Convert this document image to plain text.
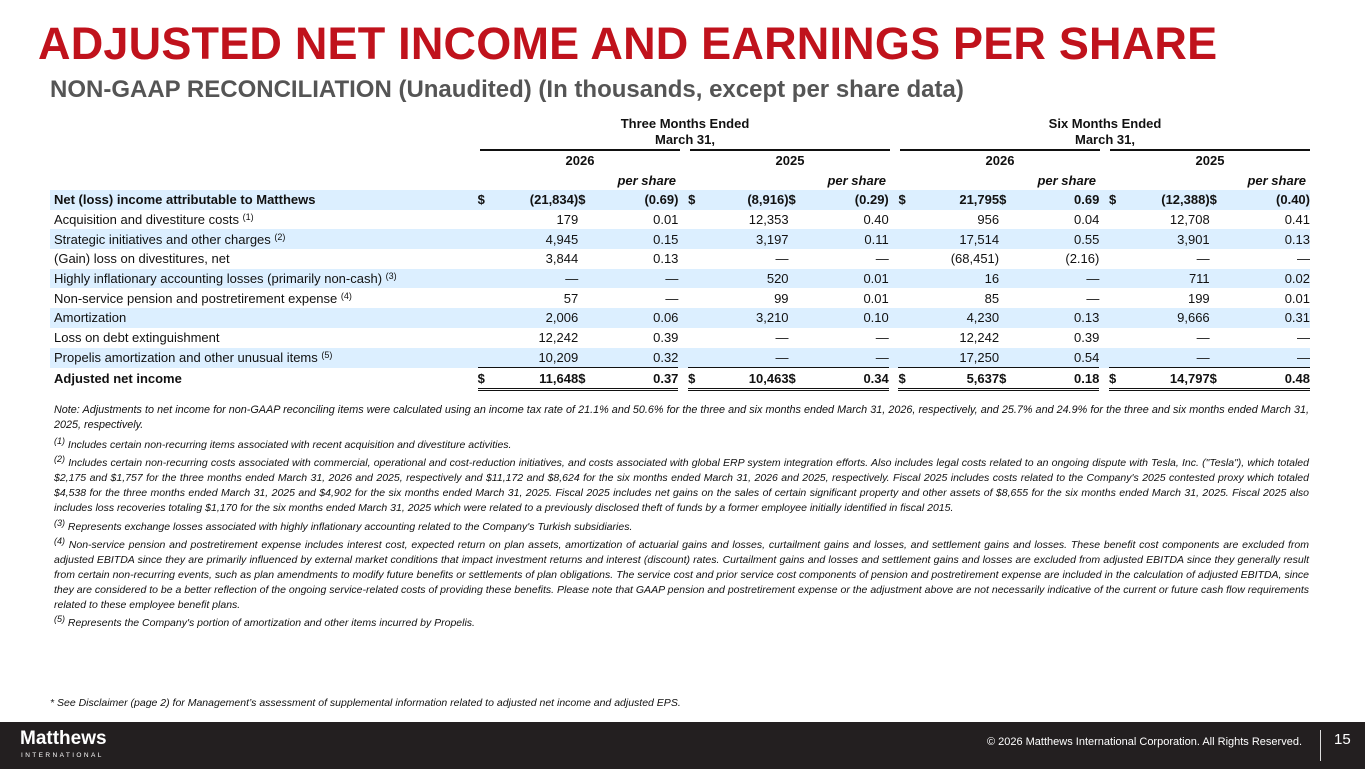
ADJUSTED NET INCOME AND EARNINGS PER SHARE
NON-GAAP RECONCILIATION (Unaudited) (In thousands, except per share data)
Three Months Ended
March 31,
Six Months Ended
March 31,
2026	2025	2026	2025
per share	per share	per share	per share
Net (loss) income attributable to Matthews	$	(21,834)	$	(0.69)		$	(8,916)	$	(0.29)		$	21,795	$	0.69		$	(12,388)	$	(0.40)
Acquisition and divestiture costs $^{(1)}$		179		0.01			12,353		0.40			956		0.04			12,708		0.41
Strategic initiatives and other charges $^{(2)}$		4,945		0.15			3,197		0.11			17,514		0.55			3,901		0.13
(Gain) loss on divestitures, net		3,844		0.13			—		—			(68,451)		(2.16)			—		—
Highly inflationary accounting losses (primarily non-cash) $^{(3)}$		—		—			520		0.01			16		—			711		0.02
Non-service pension and postretirement expense $^{(4)}$		57		—			99		0.01			85		—			199		0.01
Amortization		2,006		0.06			3,210		0.10			4,230		0.13			9,666		0.31
Loss on debt extinguishment		12,242		0.39			—		—			12,242		0.39			—		—
Propelis amortization and other unusual items $^{(5)}$		10,209		0.32			—		—			17,250		0.54			—		—
Adjusted net income	$	11,648	$	0.37		$	10,463	$	0.34		$	5,637	$	0.18		$	14,797	$	0.48

Note: Adjustments to net income for non-GAAP reconciling items were calculated using an income tax rate of 21.1% and 50.6% for the three and six months ended March 31, 2026, respectively, and 25.7% and 24.9% for the three and six months ended March 31, 2025, respectively.

$^{(1)}$ Includes certain non-recurring items associated with recent acquisition and divestiture activities.

$^{(2)}$ Includes certain non-recurring costs associated with commercial, operational and cost-reduction initiatives, and costs associated with global ERP system integration efforts. Also includes legal costs related to an ongoing dispute with Tesla, Inc. ("Tesla"), which totaled $2,175 and $1,757 for the three months ended March 31, 2026 and 2025, respectively and $11,172 and $8,624 for the six months ended March 31, 2026 and 2025, respectively. Fiscal 2025 includes costs related to the Company's 2025 contested proxy which totaled $4,538 for the three months ended March 31, 2025 and $4,902 for the six months ended March 31, 2025. Fiscal 2025 includes net gains on the sales of certain significant property and other assets of $8,655 for the six months ended March 31, 2025. Fiscal 2025 also includes loss recoveries totaling $1,170 for the six months ended March 31, 2025 which were related to a previously disclosed theft of funds by a former employee initially identified in fiscal 2015.

$^{(3)}$ Represents exchange losses associated with highly inflationary accounting related to the Company's Turkish subsidiaries.

$^{(4)}$ Non-service pension and postretirement expense includes interest cost, expected return on plan assets, amortization of actuarial gains and losses, curtailment gains and losses, and settlement gains and losses. These benefit cost components are excluded from adjusted EBITDA since they are primarily influenced by external market conditions that impact investment returns and interest (discount) rates. Curtailment gains and losses and settlement gains and losses are excluded from adjusted EBITDA since they generally result from certain non-recurring events, such as plan amendments to modify future benefits or settlements of plan obligations. The service cost and prior service cost components of pension and postretirement expense are included in the calculation of adjusted EBITDA, since they are considered to be a better reflection of the ongoing service-related costs of providing these benefits. Please note that GAAP pension and postretirement expense or the adjustment above are not necessarily indicative of the current or future cash flow requirements related to these employee benefit plans.

$^{(5)}$ Represents the Company's portion of amortization and other items incurred by Propelis.

* See Disclaimer (page 2) for Management’s assessment of supplemental information related to adjusted net income and adjusted EPS.
Matthews
INTERNATIONAL
© 2026 Matthews International Corporation. All Rights Reserved. 15
